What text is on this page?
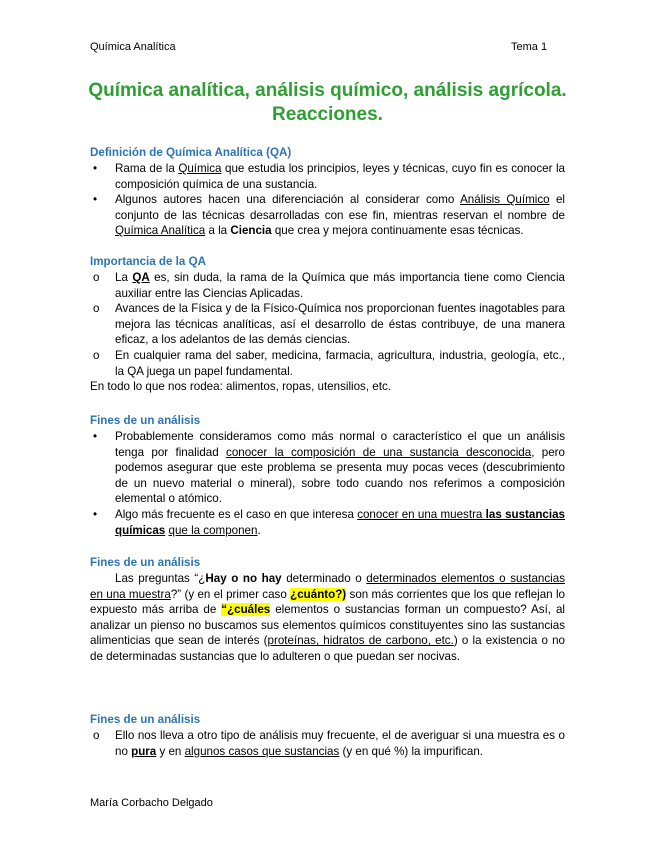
Química Analítica	Tema 1
Química analítica, análisis químico, análisis agrícola.
Reacciones.
Definición de Química Analítica (QA)
• Rama de la Química que estudia los principios, leyes y técnicas, cuyo fin es conocer la composición química de una sustancia.
• Algunos autores hacen una diferenciación al considerar como Análisis Químico el conjunto de las técnicas desarrolladas con ese fin, mientras reservan el nombre de Química Analítica a la Ciencia que crea y mejora continuamente esas técnicas.
Importancia de la QA
o La QA es, sin duda, la rama de la Química que más importancia tiene como Ciencia auxiliar entre las Ciencias Aplicadas.
o Avances de la Física y de la Físico-Química nos proporcionan fuentes inagotables para mejora las técnicas analíticas, así el desarrollo de éstas contribuye, de una manera eficaz, a los adelantos de las demás ciencias.
o En cualquier rama del saber, medicina, farmacia, agricultura, industria, geología, etc., la QA juega un papel fundamental.
En todo lo que nos rodea: alimentos, ropas, utensilios, etc.
Fines de un análisis
• Probablemente consideramos como más normal o característico el que un análisis tenga por finalidad conocer la composición de una sustancia desconocida, pero podemos asegurar que este problema se presenta muy pocas veces (descubrimiento de un nuevo material o mineral), sobre todo cuando nos referimos a composición elemental o atómico.
• Algo más frecuente es el caso en que interesa conocer en una muestra las sustancias químicas que la componen.
Fines de un análisis
Las preguntas “¿Hay o no hay determinado o determinados elementos o sustancias en una muestra?” (y en el primer caso ¿cuánto?) son más corrientes que los que reflejan lo expuesto más arriba de “¿cuáles elementos o sustancias forman un compuesto? Así, al analizar un pienso no buscamos sus elementos químicos constituyentes sino las sustancias alimenticias que sean de interés (proteínas, hidratos de carbono, etc.) o la existencia o no de determinadas sustancias que lo adulteren o que puedan ser nocivas.
Fines de un análisis
o Ello nos lleva a otro tipo de análisis muy frecuente, el de averiguar si una muestra es o no pura y en algunos casos que sustancias (y en qué %) la impurifican.
María Corbacho Delgado
